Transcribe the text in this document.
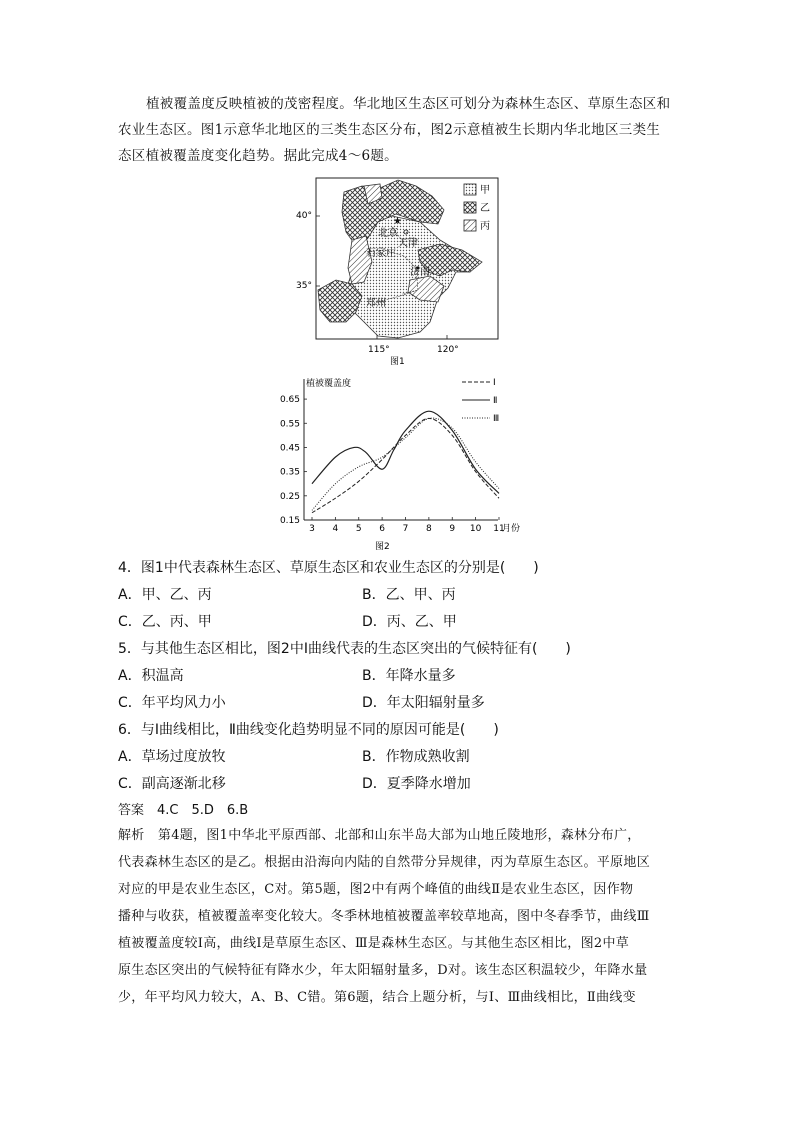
植被覆盖度反映植被的茂密程度。华北地区生态区可划分为森林生态区、草原生态区和
农业生态区。图1示意华北地区的三类生态区分布，图2示意植被生长期内华北地区三类生
态区植被覆盖度变化趋势。据此完成4～6题。
★
北京
天津
石家庄
济南
郑州
甲
乙
丙
40°
35°
115°	120°
图1
0.15
0.25
0.35
0.45
0.55
0.65
3 4 5 6 7 8 9 10 11
月份
植被覆盖度	Ⅰ
Ⅱ
Ⅲ
图2
4．图1中代表森林生态区、草原生态区和农业生态区的分别是(　　)
A．甲、乙、丙	B．乙、甲、丙
C．乙、丙、甲	D．丙、乙、甲
5．与其他生态区相比，图2中Ⅰ曲线代表的生态区突出的气候特征有(　　)
A．积温高	B．年降水量多
C．年平均风力小	D．年太阳辐射量多
6．与Ⅰ曲线相比，Ⅱ曲线变化趋势明显不同的原因可能是(　　)
A．草场过度放牧	B．作物成熟收割
C．副高逐渐北移	D．夏季降水增加
答案　4.C　5.D　6.B
解析　第4题，图1中华北平原西部、北部和山东半岛大部为山地丘陵地形，森林分布广，
代表森林生态区的是乙。根据由沿海向内陆的自然带分异规律，丙为草原生态区。平原地区
对应的甲是农业生态区，C对。第5题，图2中有两个峰值的曲线Ⅱ是农业生态区，因作物
播种与收获，植被覆盖率变化较大。冬季林地植被覆盖率较草地高，图中冬春季节，曲线Ⅲ
植被覆盖度较Ⅰ高，曲线Ⅰ是草原生态区、Ⅲ是森林生态区。与其他生态区相比，图2中草
原生态区突出的气候特征有降水少，年太阳辐射量多，D对。该生态区积温较少，年降水量
少，年平均风力较大，A、B、C错。第6题，结合上题分析，与Ⅰ、Ⅲ曲线相比，Ⅱ曲线变
